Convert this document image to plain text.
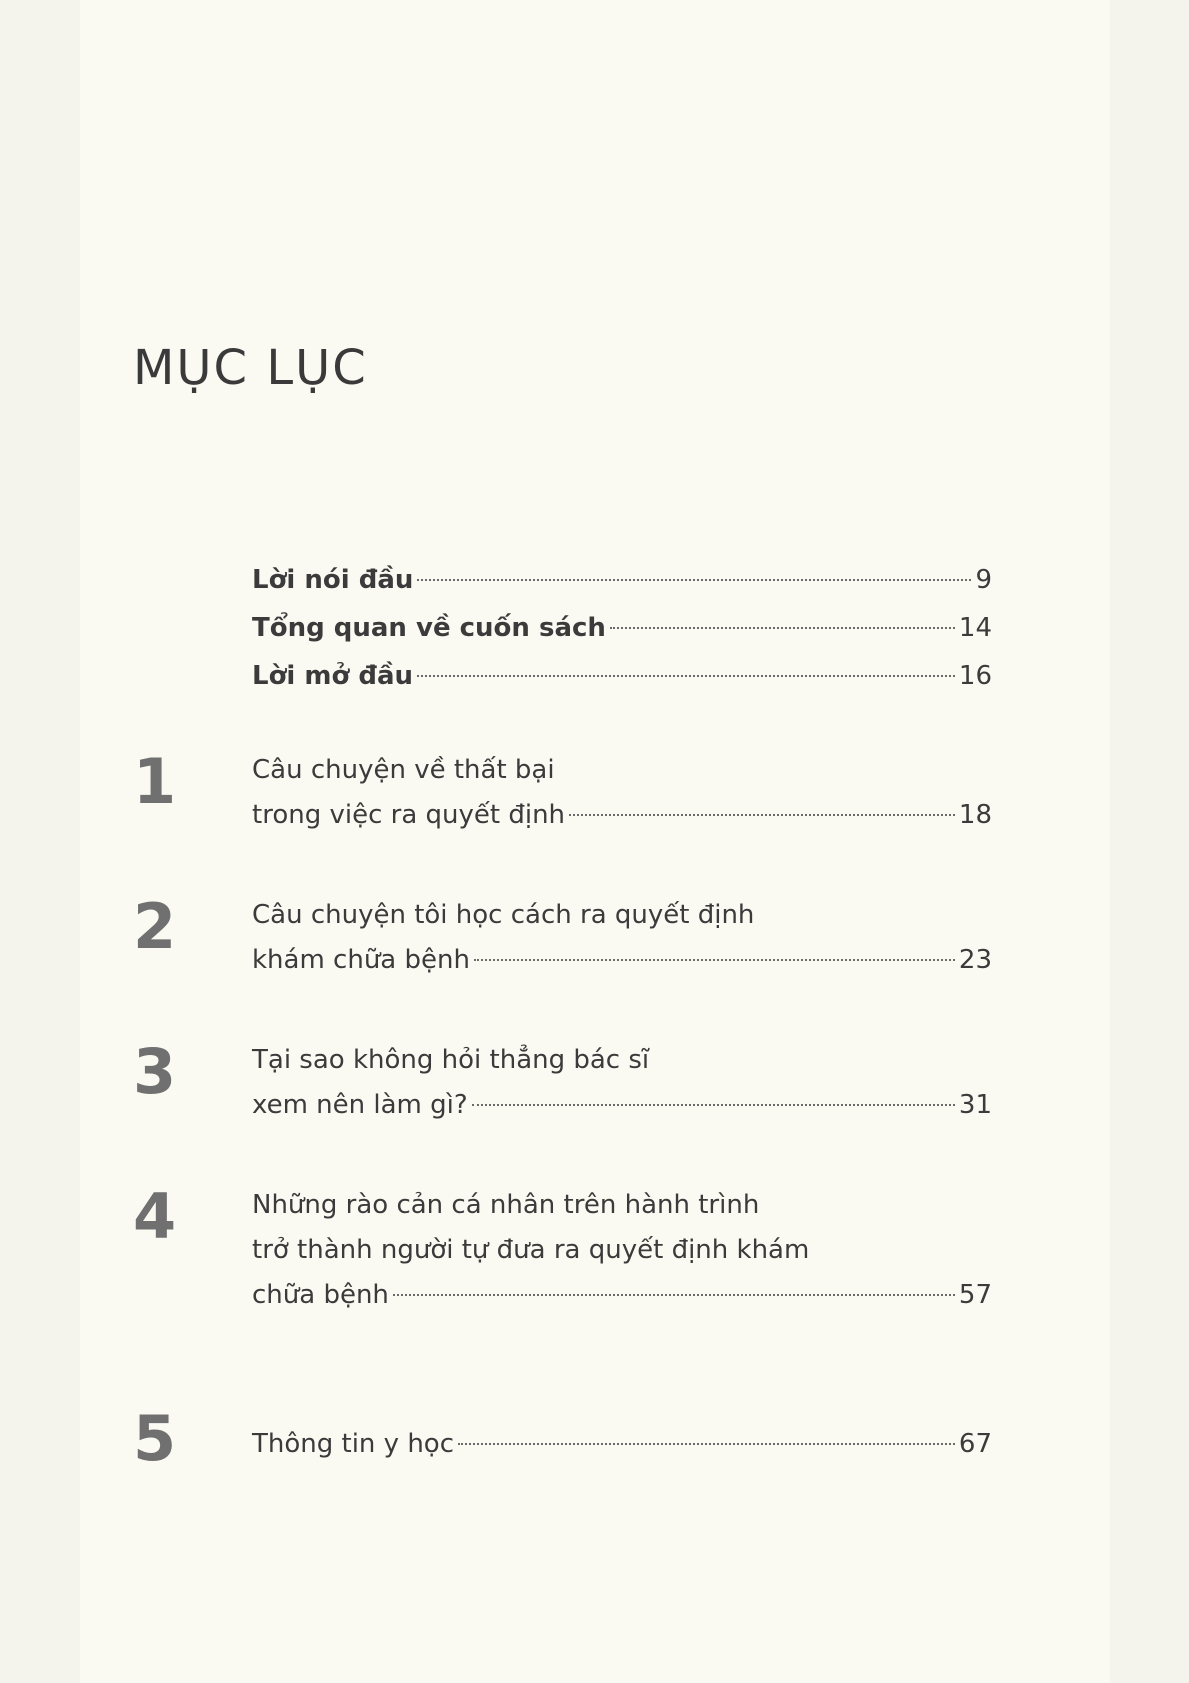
MỤC LỤC
Lời nói đầu	9
Tổng quan về cuốn sách	14
Lời mở đầu	16
1	Câu chuyện về thất bại
trong việc ra quyết định	18
2	Câu chuyện tôi học cách ra quyết định
khám chữa bệnh	23
3	Tại sao không hỏi thẳng bác sĩ
xem nên làm gì?	31
4	Những rào cản cá nhân trên hành trình
trở thành người tự đưa ra quyết định khám
chữa bệnh	57
5	Thông tin y học	67
